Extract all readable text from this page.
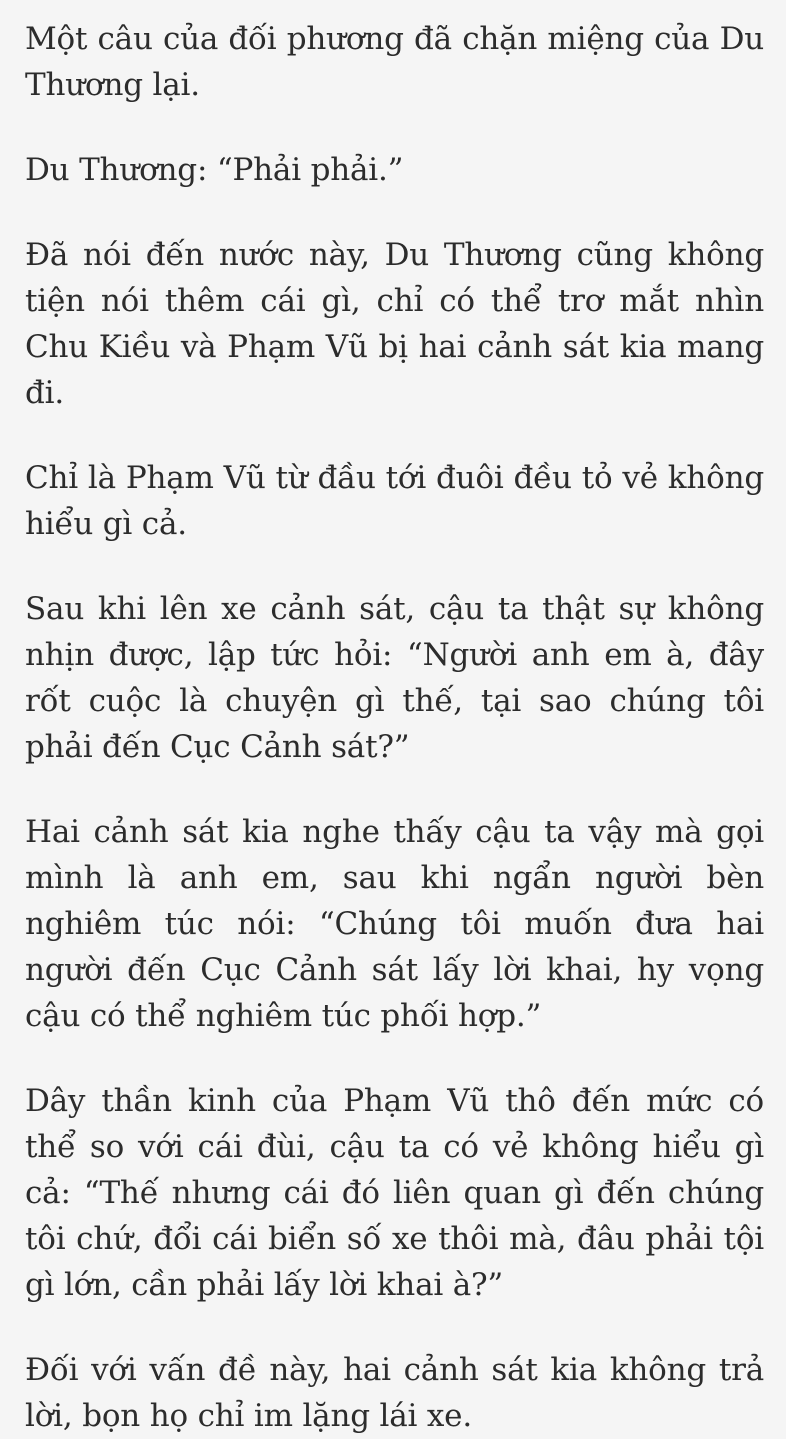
Một câu của đối phương đã chặn miệng của Du Thương lại.

Du Thương: “Phải phải.”

Đã nói đến nước này, Du Thương cũng không tiện nói thêm cái gì, chỉ có thể trơ mắt nhìn Chu Kiều và Phạm Vũ bị hai cảnh sát kia mang đi.

Chỉ là Phạm Vũ từ đầu tới đuôi đều tỏ vẻ không hiểu gì cả.

Sau khi lên xe cảnh sát, cậu ta thật sự không nhịn được, lập tức hỏi: “Người anh em à, đây rốt cuộc là chuyện gì thế, tại sao chúng tôi phải đến Cục Cảnh sát?”

Hai cảnh sát kia nghe thấy cậu ta vậy mà gọi mình là anh em, sau khi ngẩn người bèn nghiêm túc nói: “Chúng tôi muốn đưa hai người đến Cục Cảnh sát lấy lời khai, hy vọng cậu có thể nghiêm túc phối hợp.”

Dây thần kinh của Phạm Vũ thô đến mức có thể so với cái đùi, cậu ta có vẻ không hiểu gì cả: “Thế nhưng cái đó liên quan gì đến chúng tôi chứ, đổi cái biển số xe thôi mà, đâu phải tội gì lớn, cần phải lấy lời khai à?”

Đối với vấn đề này, hai cảnh sát kia không trả lời, bọn họ chỉ im lặng lái xe.
